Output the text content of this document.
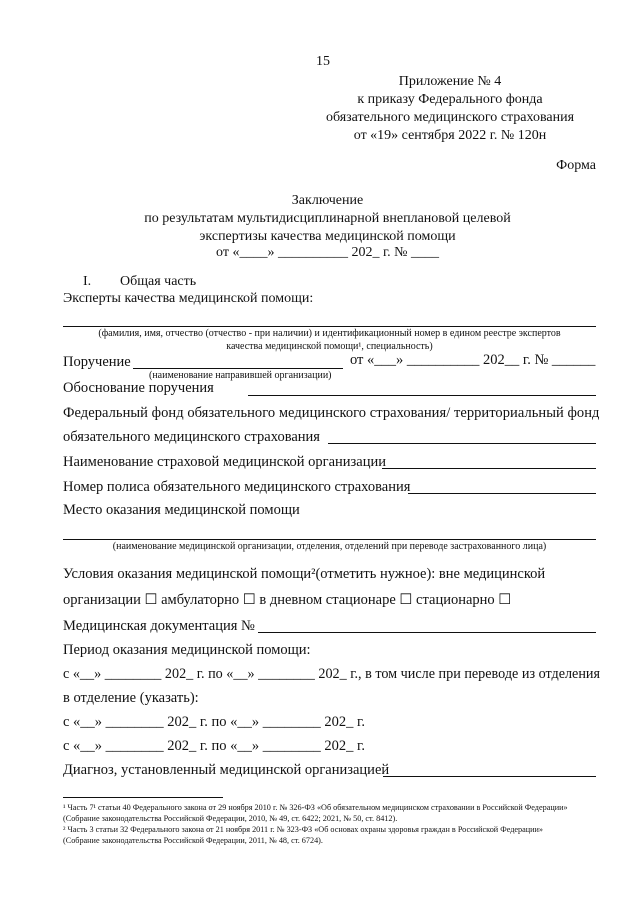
15
Приложение № 4
к приказу Федерального фонда
обязательного медицинского страхования
от «19» сентября 2022 г. № 120н
Форма
Заключение
по результатам мультидисциплинарной внеплановой целевой
экспертизы качества медицинской помощи
от «____» __________ 202_ г. № ____
I. Общая часть
Эксперты качества медицинской помощи:
(фамилия, имя, отчество (отчество - при наличии) и идентификационный номер в едином реестре экспертов
качества медицинской помощи¹, специальность)
Поручение	от «___» __________ 202__ г. № ______
(наименование направившей организации)
Обоснование поручения
Федеральный фонд обязательного медицинского страхования/ территориальный фонд
обязательного медицинского страхования
Наименование страховой медицинской организации
Номер полиса обязательного медицинского страхования
Место оказания медицинской помощи
(наименование медицинской организации, отделения, отделений при переводе застрахованного лица)
Условия оказания медицинской помощи²(отметить нужное): вне медицинской
организации ☐ амбулаторно ☐ в дневном стационаре ☐ стационарно ☐
Медицинская документация №
Период оказания медицинской помощи:
с «__» ________ 202_ г. по «__» ________ 202_ г., в том числе при переводе из отделения
в отделение (указать):
с «__» ________ 202_ г. по «__» ________ 202_ г.
с «__» ________ 202_ г. по «__» ________ 202_ г.
Диагноз, установленный медицинской организацией
¹ Часть 7¹ статьи 40 Федерального закона от 29 ноября 2010 г. № 326-ФЗ «Об обязательном медицинском страховании в Российской Федерации»
(Собрание законодательства Российской Федерации, 2010, № 49, ст. 6422; 2021, № 50, ст. 8412).
² Часть 3 статьи 32 Федерального закона от 21 ноября 2011 г. № 323-ФЗ «Об основах охраны здоровья граждан в Российской Федерации»
(Собрание законодательства Российской Федерации, 2011, № 48, ст. 6724).
